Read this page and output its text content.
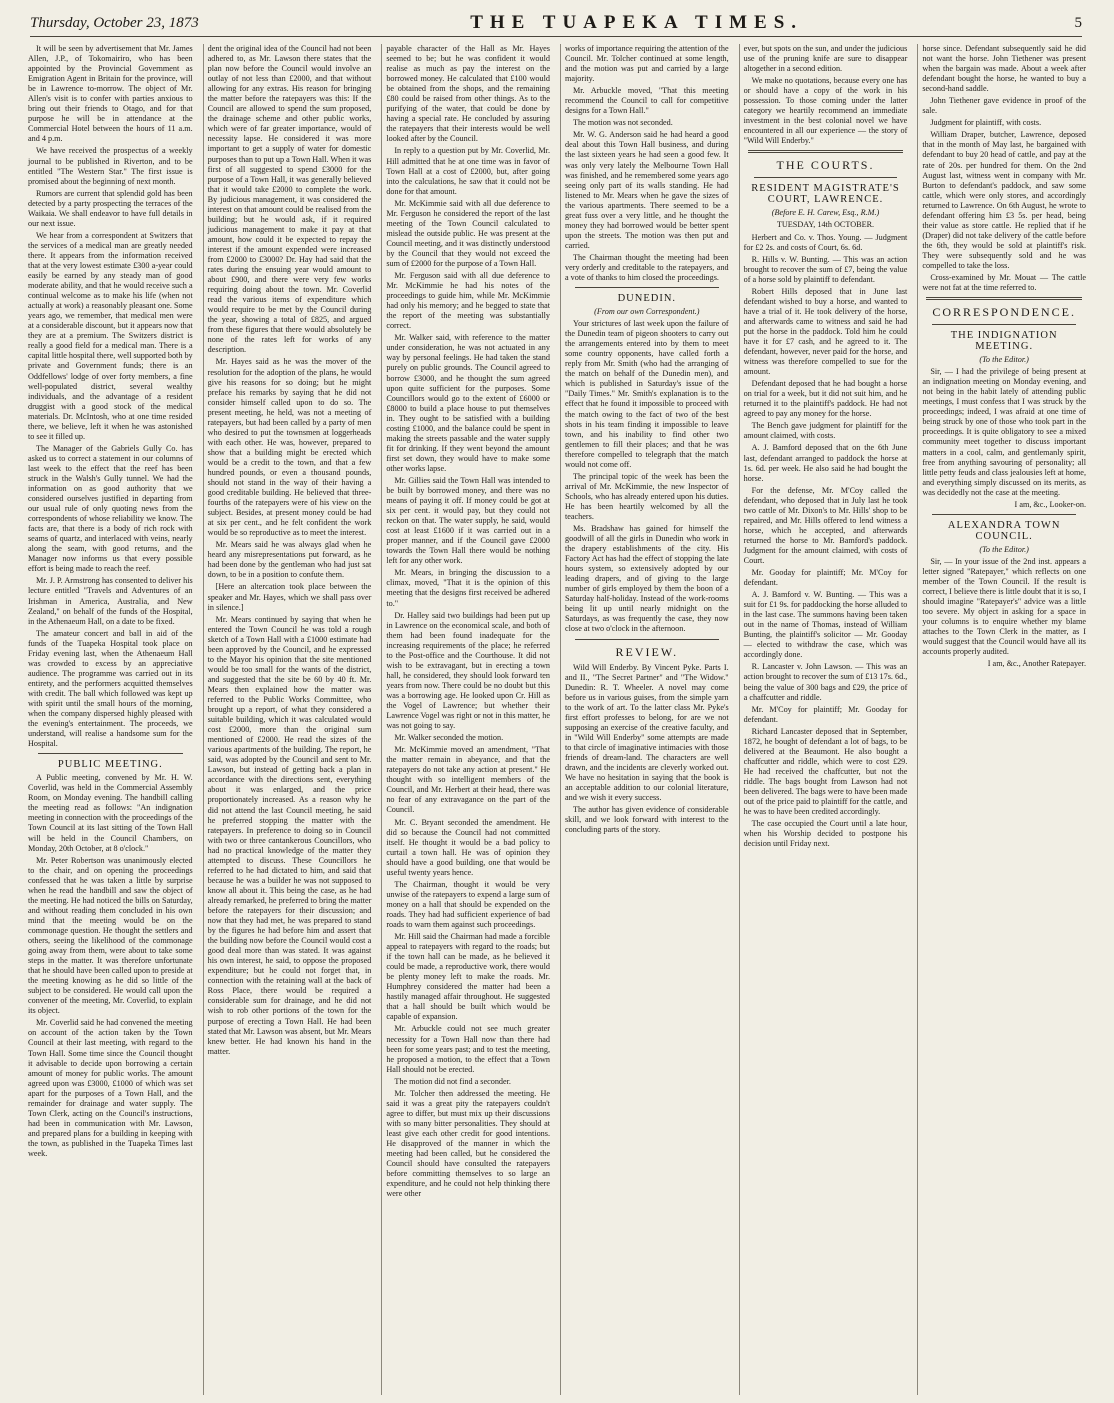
Thursday, October 23, 1873	THE TUAPEKA TIMES.	5

It will be seen by advertisement that Mr. James Allen, J.P., of Tokomairiro, who has been appointed by the Provincial Government as Emigration Agent in Britain for the province, will be in Lawrence to-morrow. The object of Mr. Allen's visit is to confer with parties anxious to bring out their friends to Otago, and for that purpose he will be in attendance at the Commercial Hotel between the hours of 11 a.m. and 4 p.m.

We have received the prospectus of a weekly journal to be published in Riverton, and to be entitled "The Western Star." The first issue is promised about the beginning of next month.

Rumors are current that splendid gold has been detected by a party prospecting the terraces of the Waikaia. We shall endeavor to have full details in our next issue.

We hear from a correspondent at Switzers that the services of a medical man are greatly needed there. It appears from the information received that at the very lowest estimate £300 a-year could easily be earned by any steady man of good moderate ability, and that he would receive such a continual welcome as to make his life (when not actually at work) a reasonably pleasant one. Some years ago, we remember, that medical men were at a considerable discount, but it appears now that they are at a premium. The Switzers district is really a good field for a medical man. There is a capital little hospital there, well supported both by private and Government funds; there is an Oddfellows' lodge of over forty members, a fine well-populated district, several wealthy individuals, and the advantage of a resident druggist with a good stock of the medical materials. Dr. McIntosh, who at one time resided there, we believe, left it when he was astonished to see it filled up.

The Manager of the Gabriels Gully Co. has asked us to correct a statement in our columns of last week to the effect that the reef has been struck in the Walsh's Gully tunnel. We had the information on as good authority that we considered ourselves justified in departing from our usual rule of only quoting news from the correspondents of whose reliability we know. The facts are, that there is a body of rich rock with seams of quartz, and interlaced with veins, nearly along the seam, with good returns, and the Manager now informs us that every possible effort is being made to reach the reef.

Mr. J. P. Armstrong has consented to deliver his lecture entitled "Travels and Adventures of an Irishman in America, Australia, and New Zealand," on behalf of the funds of the Hospital, in the Athenaeum Hall, on a date to be fixed.

The amateur concert and ball in aid of the funds of the Tuapeka Hospital took place on Friday evening last, when the Athenaeum Hall was crowded to excess by an appreciative audience. The programme was carried out in its entirety, and the performers acquitted themselves with credit. The ball which followed was kept up with spirit until the small hours of the morning, when the company dispersed highly pleased with the evening's entertainment. The proceeds, we understand, will realise a handsome sum for the Hospital.

PUBLIC MEETING.

A Public meeting, convened by Mr. H. W. Coverlid, was held in the Commercial Assembly Room, on Monday evening. The handbill calling the meeting read as follows: "An indignation meeting in connection with the proceedings of the Town Council at its last sitting of the Town Hall will be held in the Council Chambers, on Monday, 20th October, at 8 o'clock."

Mr. Peter Robertson was unanimously elected to the chair, and on opening the proceedings confessed that he was taken a little by surprise when he read the handbill and saw the object of the meeting. He had noticed the bills on Saturday, and without reading them concluded in his own mind that the meeting would be on the commonage question. He thought the settlers and others, seeing the likelihood of the commonage going away from them, were about to take some steps in the matter. It was therefore unfortunate that he should have been called upon to preside at the meeting knowing as he did so little of the subject to be considered. He would call upon the convener of the meeting, Mr. Coverlid, to explain its object.

Mr. Coverlid said he had convened the meeting on account of the action taken by the Town Council at their last meeting, with regard to the Town Hall. Some time since the Council thought it advisable to decide upon borrowing a certain amount of money for public works. The amount agreed upon was £3000, £1000 of which was set apart for the purposes of a Town Hall, and the remainder for drainage and water supply. The Town Clerk, acting on the Council's instructions, had been in communication with Mr. Lawson, and prepared plans for a building in keeping with the town, as published in the Tuapeka Times last week.

dent the original idea of the Council had not been adhered to, as Mr. Lawson there states that the plan now before the Council would involve an outlay of not less than £2000, and that without allowing for any extras. His reason for bringing the matter before the ratepayers was this: If the Council are allowed to spend the sum proposed, the drainage scheme and other public works, which were of far greater importance, would of necessity lapse. He considered it was more important to get a supply of water for domestic purposes than to put up a Town Hall. When it was first of all suggested to spend £3000 for the purpose of a Town Hall, it was generally believed that it would take £2000 to complete the work. By judicious management, it was considered the interest on that amount could be realised from the building; but he would ask, if it required judicious management to make it pay at that amount, how could it be expected to repay the interest if the amount expended were increased from £2000 to £3000? Dr. Hay had said that the rates during the ensuing year would amount to about £900, and there were very few works requiring doing about the town. Mr. Coverlid read the various items of expenditure which would require to be met by the Council during the year, showing a total of £825, and argued from these figures that there would absolutely be none of the rates left for works of any description.

Mr. Hayes said as he was the mover of the resolution for the adoption of the plans, he would give his reasons for so doing; but he might preface his remarks by saying that he did not consider himself called upon to do so. The present meeting, he held, was not a meeting of ratepayers, but had been called by a party of men who desired to put the townsmen at loggerheads with each other. He was, however, prepared to show that a building might be erected which would be a credit to the town, and that a few hundred pounds, or even a thousand pounds, should not stand in the way of their having a good creditable building. He believed that three-fourths of the ratepayers were of his view on the subject. Besides, at present money could be had at six per cent., and he felt confident the work would be so reproductive as to meet the interest.

Mr. Mears said he was always glad when he heard any misrepresentations put forward, as he had been done by the gentleman who had just sat down, to be in a position to confute them.

[Here an altercation took place between the speaker and Mr. Hayes, which we shall pass over in silence.]

Mr. Mears continued by saying that when he entered the Town Council he was told a rough sketch of a Town Hall with a £1000 estimate had been approved by the Council, and he expressed to the Mayor his opinion that the site mentioned would be too small for the wants of the district, and suggested that the site be 60 by 40 ft. Mr. Mears then explained how the matter was referred to the Public Works Committee, who brought up a report, of what they considered a suitable building, which it was calculated would cost £2000, more than the original sum mentioned of £2000. He read the sizes of the various apartments of the building. The report, he said, was adopted by the Council and sent to Mr. Lawson, but instead of getting back a plan in accordance with the directions sent, everything about it was enlarged, and the price proportionately increased. As a reason why he did not attend the last Council meeting, he said he preferred stopping the matter with the ratepayers. In preference to doing so in Council with two or three cantankerous Councillors, who had no practical knowledge of the matter they attempted to discuss. These Councillors he referred to he had dictated to him, and said that because he was a builder he was not supposed to know all about it. This being the case, as he had already remarked, he preferred to bring the matter before the ratepayers for their discussion; and now that they had met, he was prepared to stand by the figures he had before him and assert that the building now before the Council would cost a good deal more than was stated. It was against his own interest, he said, to oppose the proposed expenditure; but he could not forget that, in connection with the retaining wall at the back of Ross Place, there would be required a considerable sum for drainage, and he did not wish to rob other portions of the town for the purpose of erecting a Town Hall. He had been stated that Mr. Lawson was absent, but Mr. Mears knew better. He had known his hand in the matter.

payable character of the Hall as Mr. Hayes seemed to be; but he was confident it would realise as much as pay the interest on the borrowed money. He calculated that £100 would be obtained from the shops, and the remaining £80 could be raised from other things. As to the purifying of the water, that could be done by having a special rate. He concluded by assuring the ratepayers that their interests would be well looked after by the Council.

In reply to a question put by Mr. Coverlid, Mr. Hill admitted that he at one time was in favor of Town Hall at a cost of £2000, but, after going into the calculations, he saw that it could not be done for that amount.

Mr. McKimmie said with all due deference to Mr. Ferguson he considered the report of the last meeting of the Town Council calculated to mislead the outside public. He was present at the Council meeting, and it was distinctly understood by the Council that they would not exceed the sum of £2000 for the purpose of a Town Hall.

Mr. Ferguson said with all due deference to Mr. McKimmie he had his notes of the proceedings to guide him, while Mr. McKimmie had only his memory; and he begged to state that the report of the meeting was substantially correct.

Mr. Walker said, with reference to the matter under consideration, he was not actuated in any way by personal feelings. He had taken the stand purely on public grounds. The Council agreed to borrow £3000, and he thought the sum agreed upon quite sufficient for the purposes. Some Councillors would go to the extent of £6000 or £8000 to build a place house to put themselves in. They ought to be satisfied with a building costing £1000, and the balance could be spent in making the streets passable and the water supply fit for drinking. If they went beyond the amount first set down, they would have to make some other works lapse.

Mr. Gillies said the Town Hall was intended to be built by borrowed money, and there was no means of paying it off. If money could be got at six per cent. it would pay, but they could not reckon on that. The water supply, he said, would cost at least £1600 if it was carried out in a proper manner, and if the Council gave £2000 towards the Town Hall there would be nothing left for any other work.

Mr. Mears, in bringing the discussion to a climax, moved, "That it is the opinion of this meeting that the designs first received be adhered to."

Dr. Halley said two buildings had been put up in Lawrence on the economical scale, and both of them had been found inadequate for the increasing requirements of the place; he referred to the Post-office and the Courthouse. It did not wish to be extravagant, but in erecting a town hall, he considered, they should look forward ten years from now. There could be no doubt but this was a borrowing age. He looked upon Cr. Hill as the Vogel of Lawrence; but whether their Lawrence Vogel was right or not in this matter, he was not going to say.

Mr. Walker seconded the motion.

Mr. McKimmie moved an amendment, "That the matter remain in abeyance, and that the ratepayers do not take any action at present." He thought with so intelligent members of the Council, and Mr. Herbert at their head, there was no fear of any extravagance on the part of the Council.

Mr. C. Bryant seconded the amendment. He did so because the Council had not committed itself. He thought it would be a bad policy to curtail a town hall. He was of opinion they should have a good building, one that would be useful twenty years hence.

The Chairman, thought it would be very unwise of the ratepayers to expend a large sum of money on a hall that should be expended on the roads. They had had sufficient experience of bad roads to warn them against such proceedings.

Mr. Hill said the Chairman had made a forcible appeal to ratepayers with regard to the roads; but if the town hall can be made, as he believed it could be made, a reproductive work, there would be plenty money left to make the roads. Mr. Humphrey considered the matter had been a hastily managed affair throughout. He suggested that a hall should be built which would be capable of expansion.

Mr. Arbuckle could not see much greater necessity for a Town Hall now than there had been for some years past; and to test the meeting, he proposed a motion, to the effect that a Town Hall should not be erected.

The motion did not find a seconder.

Mr. Tolcher then addressed the meeting. He said it was a great pity the ratepayers couldn't agree to differ, but must mix up their discussions with so many bitter personalities. They should at least give each other credit for good intentions. He disapproved of the manner in which the meeting had been called, but he considered the Council should have consulted the ratepayers before committing themselves to so large an expenditure, and he could not help thinking there were other

works of importance requiring the attention of the Council. Mr. Tolcher continued at some length, and the motion was put and carried by a large majority.

Mr. Arbuckle moved, "That this meeting recommend the Council to call for competitive designs for a Town Hall."

The motion was not seconded.

Mr. W. G. Anderson said he had heard a good deal about this Town Hall business, and during the last sixteen years he had seen a good few. It was only very lately the Melbourne Town Hall was finished, and he remembered some years ago seeing only part of its walls standing. He had listened to Mr. Mears when he gave the sizes of the various apartments. There seemed to be a great fuss over a very little, and he thought the money they had borrowed would be better spent upon the streets. The motion was then put and carried.

The Chairman thought the meeting had been very orderly and creditable to the ratepayers, and a vote of thanks to him closed the proceedings.

DUNEDIN.
(From our own Correspondent.)

Your strictures of last week upon the failure of the Dunedin team of pigeon shooters to carry out the arrangements entered into by them to meet some country opponents, have called forth a reply from Mr. Smith (who had the arranging of the match on behalf of the Dunedin men), and which is published in Saturday's issue of the "Daily Times." Mr. Smith's explanation is to the effect that he found it impossible to proceed with the match owing to the fact of two of the best shots in his team finding it impossible to leave town, and his inability to find other two gentlemen to fill their places; and that he was therefore compelled to telegraph that the match would not come off.

The principal topic of the week has been the arrival of Mr. McKimmie, the new Inspector of Schools, who has already entered upon his duties. He has been heartily welcomed by all the teachers.

Ms. Bradshaw has gained for himself the goodwill of all the girls in Dunedin who work in the drapery establishments of the city. His Factory Act has had the effect of stopping the late hours system, so extensively adopted by our leading drapers, and of giving to the large number of girls employed by them the boon of a Saturday half-holiday. Instead of the work-rooms being lit up until nearly midnight on the Saturdays, as was frequently the case, they now close at two o'clock in the afternoon.

REVIEW.

Wild Will Enderby. By Vincent Pyke. Parts I. and II., "The Secret Partner" and "The Widow." Dunedin: R. T. Wheeler. A novel may come before us in various guises, from the simple yarn to the work of art. To the latter class Mr. Pyke's first effort professes to belong, for are we not supposing an exercise of the creative faculty, and in "Wild Will Enderby" some attempts are made to that circle of imaginative intimacies with those friends of dream-land. The characters are well drawn, and the incidents are cleverly worked out. We have no hesitation in saying that the book is an acceptable addition to our colonial literature, and we wish it every success.

The author has given evidence of considerable skill, and we look forward with interest to the concluding parts of the story.

ever, but spots on the sun, and under the judicious use of the pruning knife are sure to disappear altogether in a second edition.

We make no quotations, because every one has or should have a copy of the work in his possession. To those coming under the latter category we heartily recommend an immediate investment in the best colonial novel we have encountered in all our experience — the story of "Wild Will Enderby."

THE COURTS.
RESIDENT MAGISTRATE'S COURT, LAWRENCE.
(Before E. H. Carew, Esq., R.M.)

TUESDAY, 14th OCTOBER.

Herbert and Co. v. Thos. Young. — Judgment for £2 2s. and costs of Court, 6s. 6d.

R. Hills v. W. Bunting. — This was an action brought to recover the sum of £7, being the value of a horse sold by plaintiff to defendant.

Robert Hills deposed that in June last defendant wished to buy a horse, and wanted to have a trial of it. He took delivery of the horse, and afterwards came to witness and said he had put the horse in the paddock. Told him he could have it for £7 cash, and he agreed to it. The defendant, however, never paid for the horse, and witness was therefore compelled to sue for the amount.

Defendant deposed that he had bought a horse on trial for a week, but it did not suit him, and he returned it to the plaintiff's paddock. He had not agreed to pay any money for the horse.

The Bench gave judgment for plaintiff for the amount claimed, with costs.

A. J. Bamford deposed that on the 6th June last, defendant arranged to paddock the horse at 1s. 6d. per week. He also said he had bought the horse.

For the defense, Mr. M'Coy called the defendant, who deposed that in July last he took two cattle of Mr. Dixon's to Mr. Hills' shop to be repaired, and Mr. Hills offered to lend witness a horse, which he accepted, and afterwards returned the horse to Mr. Bamford's paddock. Judgment for the amount claimed, with costs of Court.

Mr. Gooday for plaintiff; Mr. M'Coy for defendant.

A. J. Bamford v. W. Bunting. — This was a suit for £1 9s. for paddocking the horse alluded to in the last case. The summons having been taken out in the name of Thomas, instead of William Bunting, the plaintiff's solicitor — Mr. Gooday — elected to withdraw the case, which was accordingly done.

R. Lancaster v. John Lawson. — This was an action brought to recover the sum of £13 17s. 6d., being the value of 300 bags and £29, the price of a chaffcutter and riddle.

Mr. M'Coy for plaintiff; Mr. Gooday for defendant.

Richard Lancaster deposed that in September, 1872, he bought of defendant a lot of bags, to be delivered at the Beaumont. He also bought a chaffcutter and riddle, which were to cost £29. He had received the chaffcutter, but not the riddle. The bags bought from Lawson had not been delivered. The bags were to have been made out of the price paid to plaintiff for the cattle, and he was to have been credited accordingly.

The case occupied the Court until a late hour, when his Worship decided to postpone his decision until Friday next.

horse since. Defendant subsequently said he did not want the horse. John Tiethener was present when the bargain was made. About a week after defendant bought the horse, he wanted to buy a second-hand saddle.

John Tiethener gave evidence in proof of the sale.

Judgment for plaintiff, with costs.

William Draper, butcher, Lawrence, deposed that in the month of May last, he bargained with defendant to buy 20 head of cattle, and pay at the rate of 20s. per hundred for them. On the 2nd August last, witness went in company with Mr. Burton to defendant's paddock, and saw some cattle, which were only stores, and accordingly returned to Lawrence. On 6th August, he wrote to defendant offering him £3 5s. per head, being their value as store cattle. He replied that if he (Draper) did not take delivery of the cattle before the 6th, they would be sold at plaintiff's risk. They were subsequently sold and he was compelled to take the loss.

Cross-examined by Mr. Mouat — The cattle were not fat at the time referred to.

CORRESPONDENCE.
THE INDIGNATION MEETING.
(To the Editor.)

Sir, — I had the privilege of being present at an indignation meeting on Monday evening, and not being in the habit lately of attending public meetings, I must confess that I was struck by the proceedings; indeed, I was afraid at one time of being struck by one of those who took part in the proceedings. It is quite obligatory to see a mixed community meet together to discuss important matters in a cool, calm, and gentlemanly spirit, free from anything savouring of personality; all little petty feuds and class jealousies left at home, and everything simply discussed on its merits, as was decidedly not the case at the meeting.

I am, &c., Looker-on.

ALEXANDRA TOWN COUNCIL.
(To the Editor.)

Sir, — In your issue of the 2nd inst. appears a letter signed "Ratepayer," which reflects on one member of the Town Council. If the result is correct, I believe there is little doubt that it is so, I should imagine "Ratepayer's" advice was a little too severe. My object in asking for a space in your columns is to enquire whether my blame attaches to the Town Clerk in the matter, as I would suggest that the Council would have all its accounts properly audited.

I am, &c., Another Ratepayer.
